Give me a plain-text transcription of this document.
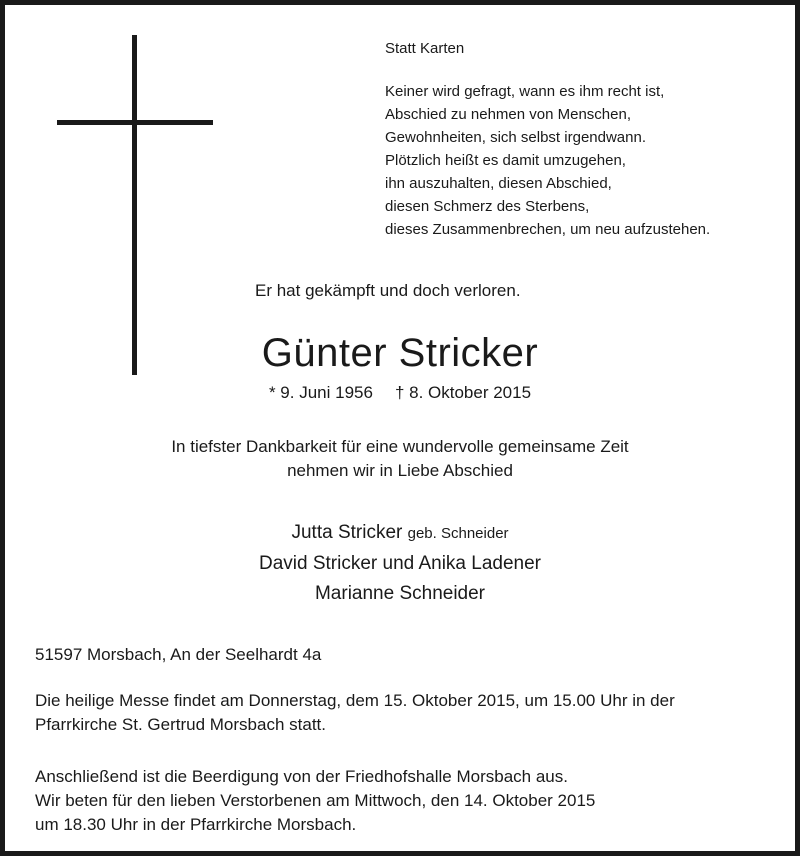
Statt Karten
Keiner wird gefragt, wann es ihm recht ist,
Abschied zu nehmen von Menschen,
Gewohnheiten, sich selbst irgendwann.
Plötzlich heißt es damit umzugehen,
ihn auszuhalten, diesen Abschied,
diesen Schmerz des Sterbens,
dieses Zusammenbrechen, um neu aufzustehen.
Er hat gekämpft und doch verloren.
Günter Stricker
* 9. Juni 1956 † 8. Oktober 2015
In tiefster Dankbarkeit für eine wundervolle gemeinsame Zeit
nehmen wir in Liebe Abschied
Jutta Stricker geb. Schneider
David Stricker und Anika Ladener
Marianne Schneider
51597 Morsbach, An der Seelhardt 4a
Die heilige Messe findet am Donnerstag, dem 15. Oktober 2015, um 15.00 Uhr in der
Pfarrkirche St. Gertrud Morsbach statt.
Anschließend ist die Beerdigung von der Friedhofshalle Morsbach aus.
Wir beten für den lieben Verstorbenen am Mittwoch, den 14. Oktober 2015
um 18.30 Uhr in der Pfarrkirche Morsbach.
